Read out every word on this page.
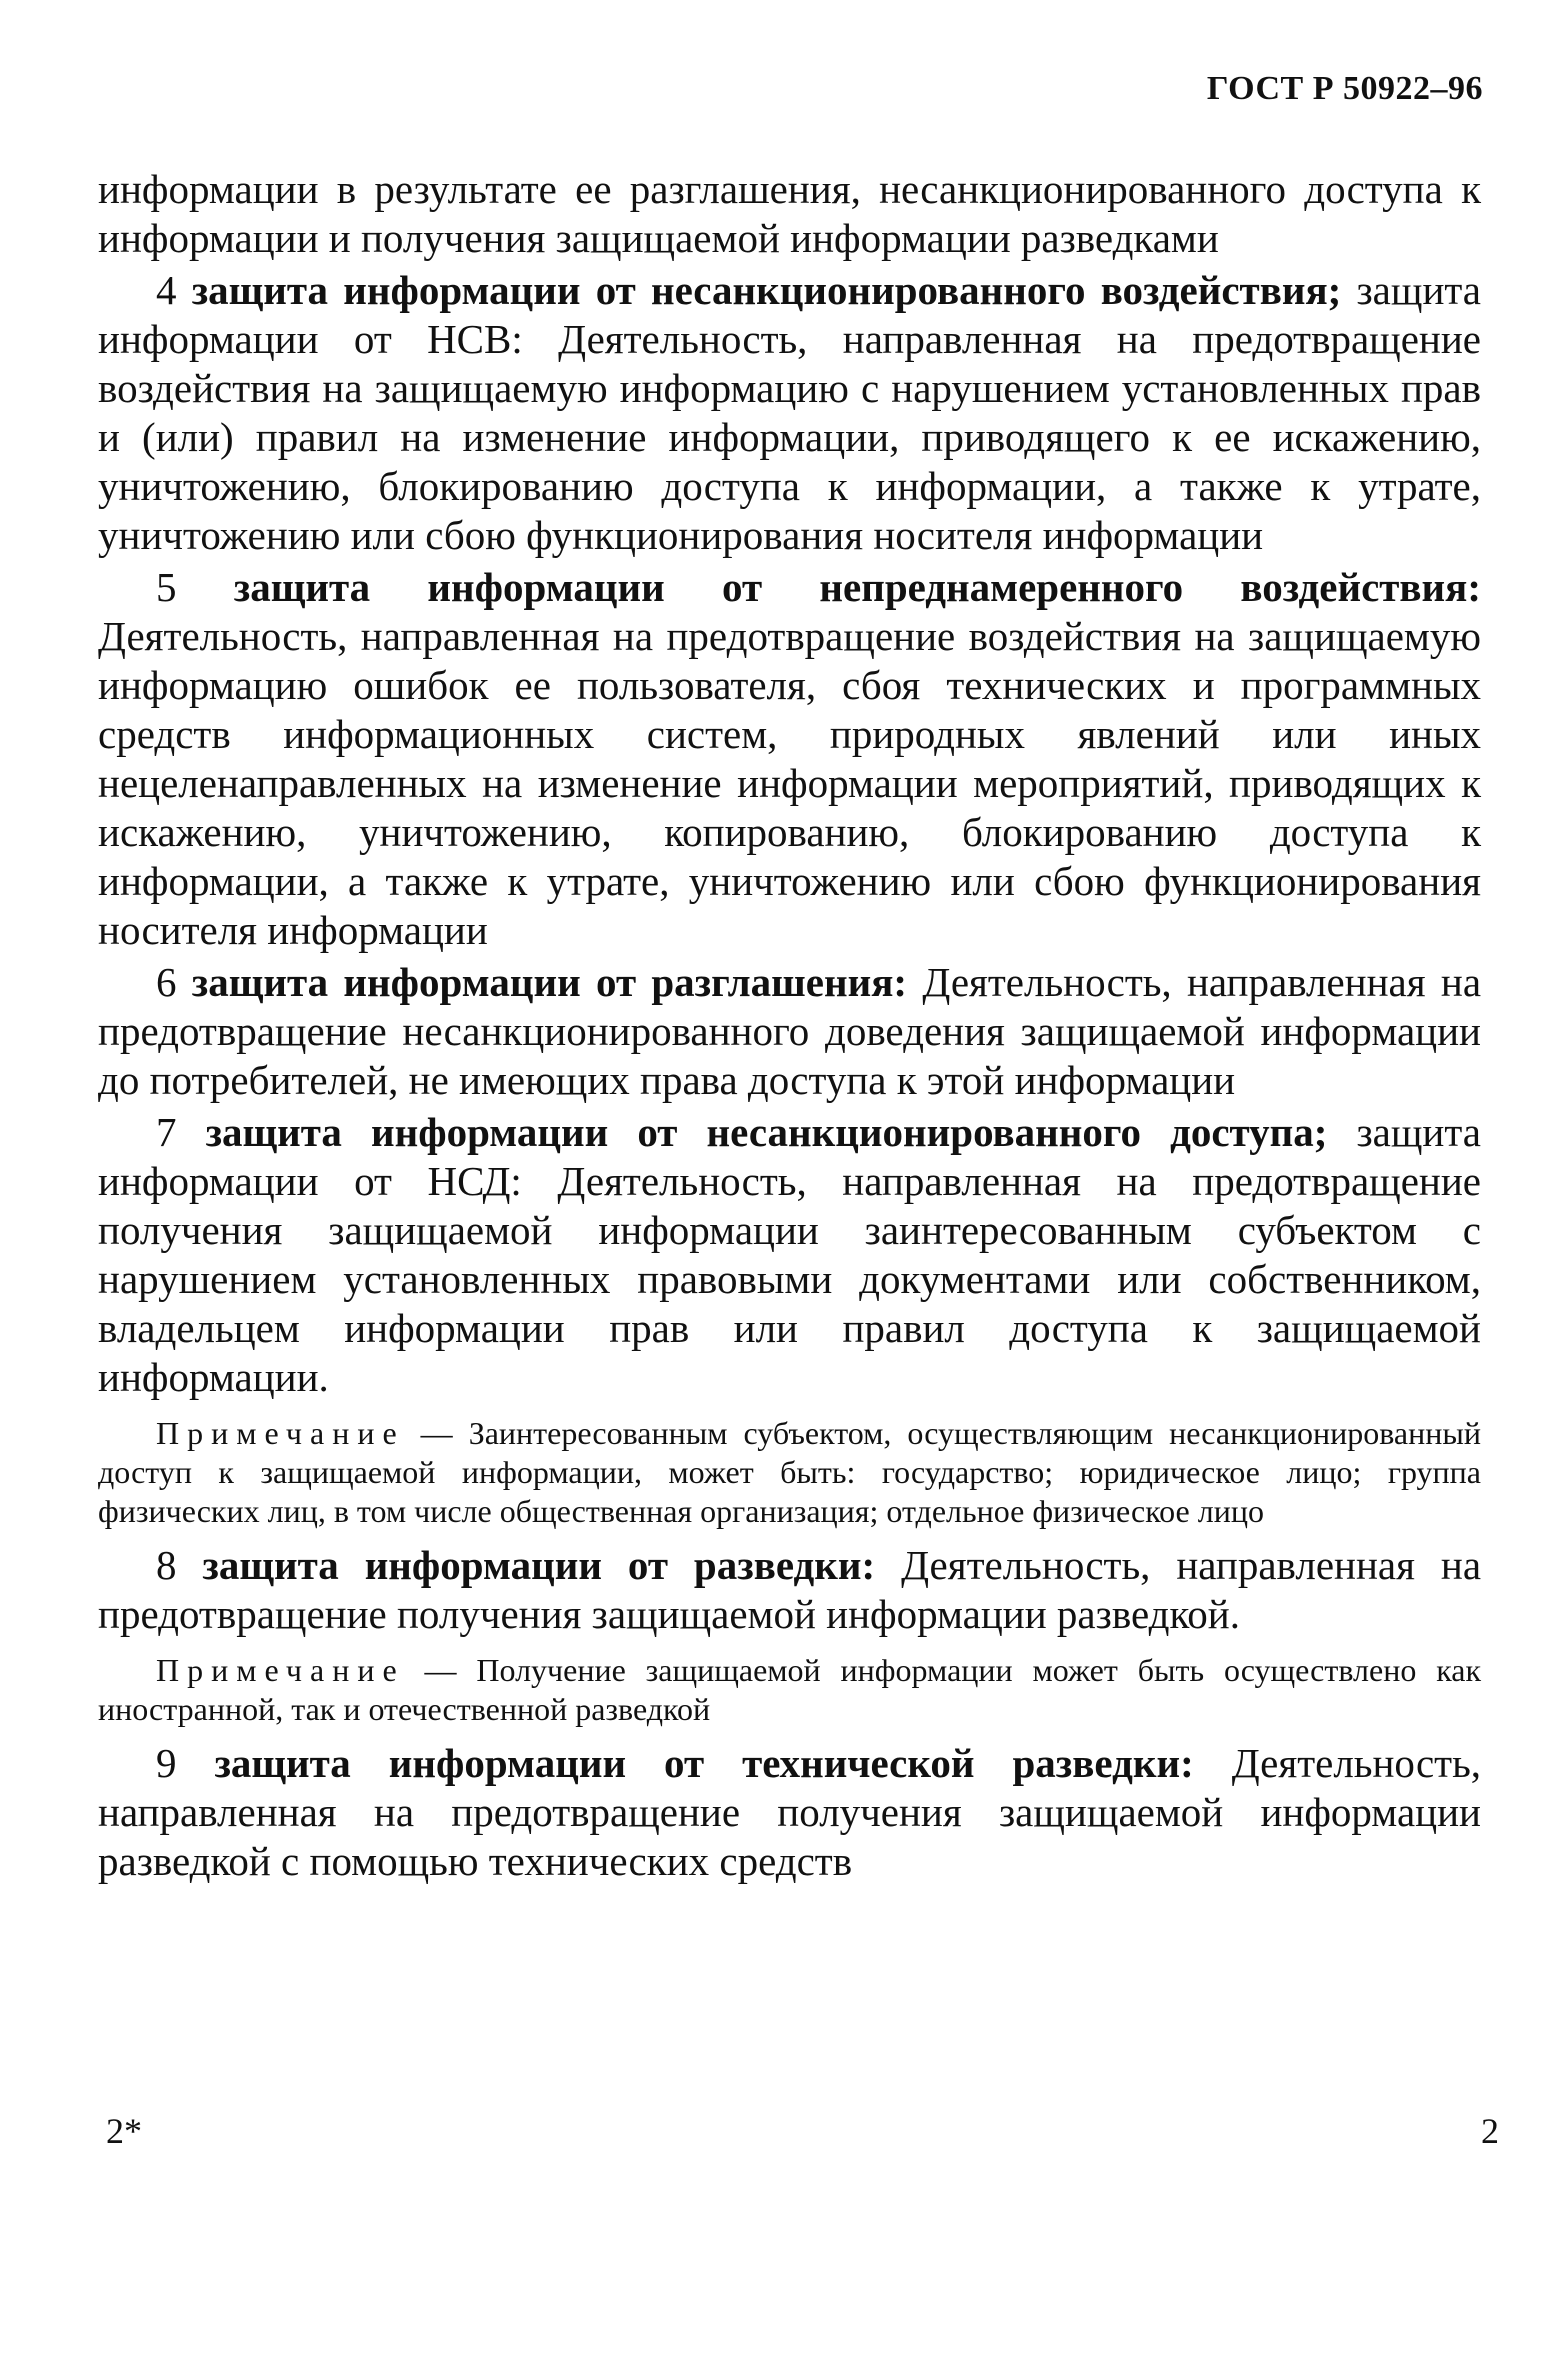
ГОСТ Р 50922–96

информации в результате ее разглашения, несанкционированного доступа к информации и получения защищаемой информации разведками

4 защита информации от несанкционированного воздействия; защита информации от НСВ: Деятельность, направленная на предотвращение воздействия на защищаемую информацию с нарушением установленных прав и (или) правил на изменение информации, приводящего к ее искажению, уничтожению, блокированию доступа к информации, а также к утрате, уничтожению или сбою функционирования носителя информации

5 защита информации от непреднамеренного воздействия: Деятельность, направленная на предотвращение воздействия на защищаемую информацию ошибок ее пользователя, сбоя технических и программных средств информационных систем, природных явлений или иных нецеленаправленных на изменение информации мероприятий, приводящих к искажению, уничтожению, копированию, блокированию доступа к информации, а также к утрате, уничтожению или сбою функционирования носителя информации

6 защита информации от разглашения: Деятельность, направленная на предотвращение несанкционированного доведения защищаемой информации до потребителей, не имеющих права доступа к этой информации

7 защита информации от несанкционированного доступа; защита информации от НСД: Деятельность, направленная на предотвращение получения защищаемой информации заинтересованным субъектом с нарушением установленных правовыми документами или собственником, владельцем информации прав или правил доступа к защищаемой информации.

Примечание — Заинтересованным субъектом, осуществляющим несанкционированный доступ к защищаемой информации, может быть: государство; юридическое лицо; группа физических лиц, в том числе общественная организация; отдельное физическое лицо

8 защита информации от разведки: Деятельность, направленная на предотвращение получения защищаемой информации разведкой.

Примечание — Получение защищаемой информации может быть осуществлено как иностранной, так и отечественной разведкой

9 защита информации от технической разведки: Деятельность, направленная на предотвращение получения защищаемой информации разведкой с помощью технических средств

2*	2
